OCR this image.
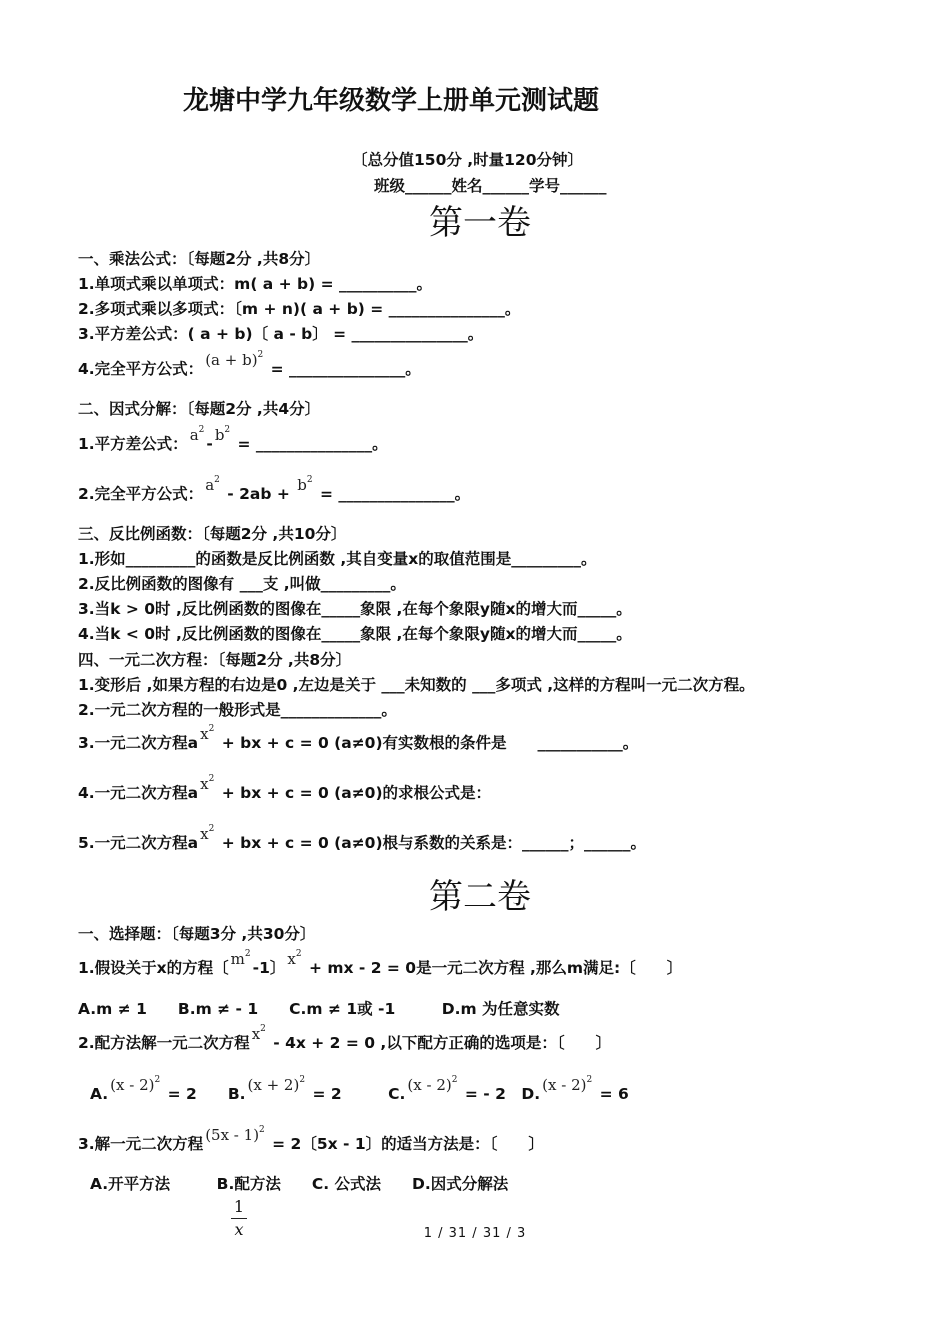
龙塘中学九年级数学上册单元测试题
〔总分值150分 ,时量120分钟〕
班级______姓名______学号______
第一卷
一、乘法公式：〔每题2分 ,共8分〕
1.单项式乘以单项式：m( a + b) = __________。
2.多项式乘以多项式：〔m + n)( a + b) = _______________。
3.平方差公式：( a + b)〔 a - b〕 = _______________。
4.完全平方公式： $(a + b)^2$ = _______________。
二、因式分解：〔每题2分 ,共4分〕
1.平方差公式： $a^2-$ $b^2$ = _______________。
2.完全平方公式： $a^2 - 2ab + b^2$ = _______________。
三、反比例函数：〔每题2分 ,共10分〕
1.形如_________的函数是反比例函数 ,其自变量x的取值范围是_________。
2.反比例函数的图像有 ___支 ,叫做_________。
3.当k > 0时 ,反比例函数的图像在_____象限 ,在每个象限y随x的增大而_____。
4.当k < 0时 ,反比例函数的图像在_____象限 ,在每个象限y随x的增大而_____。
四、一元二次方程：〔每题2分 ,共8分〕
1.变形后 ,如果方程的右边是0 ,左边是关于 ___未知数的 ___多项式 ,这样的方程叫一元二次方程。
2.一元二次方程的一般形式是_____________。
3.一元二次方程a $x^2$ + bx + c = 0 (a≠0)有实数根的条件是　　___________。
4.一元二次方程a $x^2$ + bx + c = 0 (a≠0)的求根公式是：
5.一元二次方程a $x^2$ + bx + c = 0 (a≠0)根与系数的关系是：______；______。
第二卷
一、选择题：〔每题3分 ,共30分〕
1.假设关于x的方程〔 $m^2-1$〕 $x^2$ + mx - 2 = 0是一元二次方程 ,那么m满足:〔　　〕
A.m ≠ 1　　B.m ≠ - 1　　C.m ≠ 1或 -1　　　D.m 为任意实数
2.配方法解一元二次方程 $x^2 - 4x + 2 = 0$ ,以下配方正确的选项是：〔　　〕
A. (x - 2)$^2$ = 2　　 B. $(x + 2)^2 = 2$　　　	C. (x - 2)$^2$ = - 2　 D. (x - 2)$^2$ = 6
3.解一元二次方程 (5x - 1)$^2$ = 2〔5x - 1〕的适当方法是：〔　　〕
A.开平方法　　　B.配方法　　C. 公式法　　D.因式分解法
1
x	1 / 31 / 31 / 3
